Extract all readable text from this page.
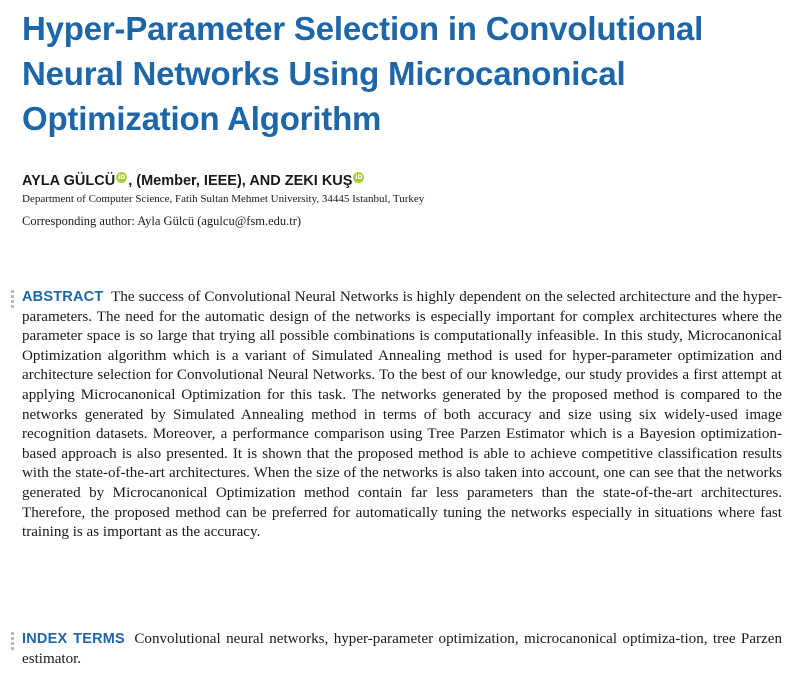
Hyper-Parameter Selection in Convolutional
Neural Networks Using Microcanonical
Optimization Algorithm
AYLA GÜLCÜ iD , (Member, IEEE), AND ZEKI KUŞ iD
Department of Computer Science, Fatih Sultan Mehmet University, 34445 Istanbul, Turkey
Corresponding author: Ayla Gülcü (agulcu@fsm.edu.tr)
ABSTRACT The success of Convolutional Neural Networks is highly dependent on the selected architecture and the hyper-parameters. The need for the automatic design of the networks is especially important for complex architectures where the parameter space is so large that trying all possible combinations is computationally infeasible. In this study, Microcanonical Optimization algorithm which is a variant of Simulated Annealing method is used for hyper-parameter optimization and architecture selection for Convolutional Neural Networks. To the best of our knowledge, our study provides a first attempt at applying Microcanonical Optimization for this task. The networks generated by the proposed method is compared to the networks generated by Simulated Annealing method in terms of both accuracy and size using six widely-used image recognition datasets. Moreover, a performance comparison using Tree Parzen Estimator which is a Bayesion optimization-based approach is also presented. It is shown that the proposed method is able to achieve competitive classification results with the state-of-the-art architectures. When the size of the networks is also taken into account, one can see that the networks generated by Microcanonical Optimization method contain far less parameters than the state-of-the-art architectures. Therefore, the proposed method can be preferred for automatically tuning the networks especially in situations where fast training is as important as the accuracy.
INDEX TERMS Convolutional neural networks, hyper-parameter optimization, microcanonical optimiza-tion, tree Parzen estimator.
